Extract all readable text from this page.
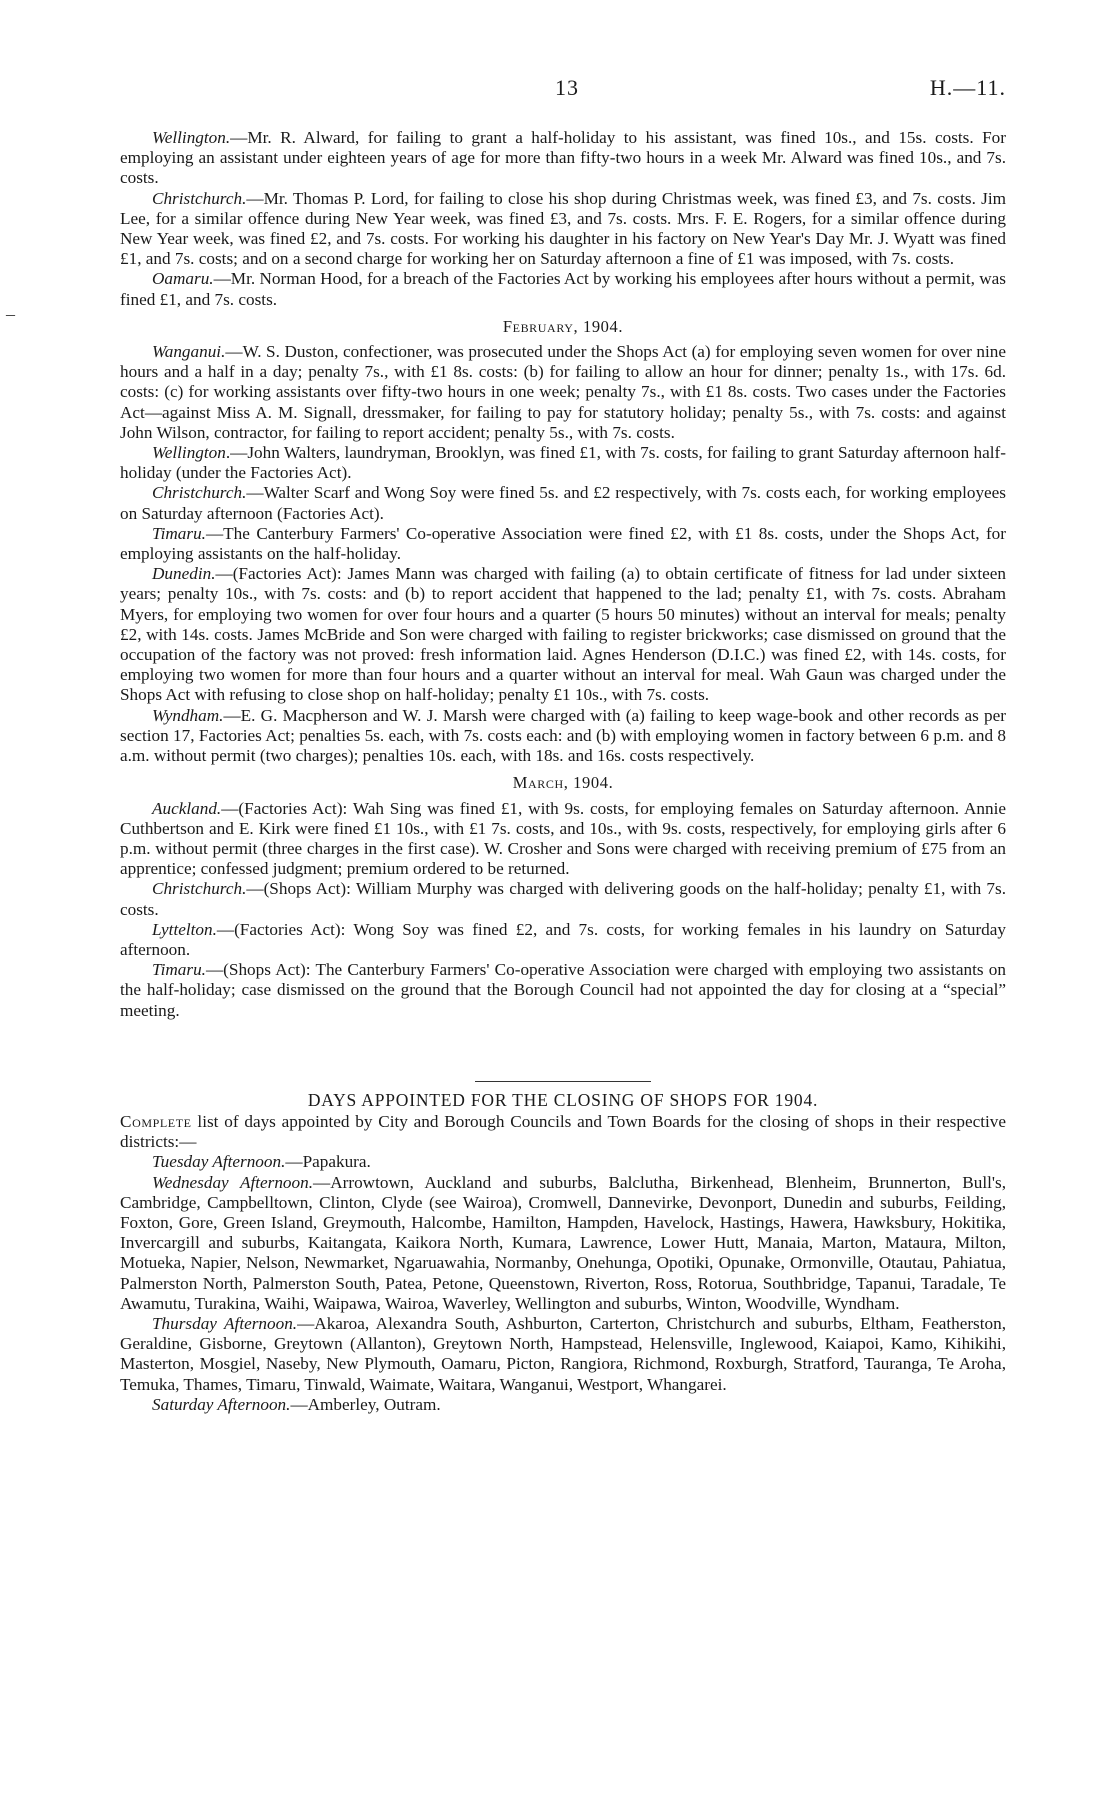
–
13	H.—11.

Wellington.—Mr. R. Alward, for failing to grant a half-holiday to his assistant, was fined 10s., and 15s. costs. For employing an assistant under eighteen years of age for more than fifty-two hours in a week Mr. Alward was fined 10s., and 7s. costs.

Christchurch.—Mr. Thomas P. Lord, for failing to close his shop during Christmas week, was fined £3, and 7s. costs. Jim Lee, for a similar offence during New Year week, was fined £3, and 7s. costs. Mrs. F. E. Rogers, for a similar offence during New Year week, was fined £2, and 7s. costs. For working his daughter in his factory on New Year's Day Mr. J. Wyatt was fined £1, and 7s. costs; and on a second charge for working her on Saturday afternoon a fine of £1 was imposed, with 7s. costs.

Oamaru.—Mr. Norman Hood, for a breach of the Factories Act by working his employees after hours without a permit, was fined £1, and 7s. costs.

February, 1904.

Wanganui.—W. S. Duston, confectioner, was prosecuted under the Shops Act (a) for employing seven women for over nine hours and a half in a day; penalty 7s., with £1 8s. costs: (b) for failing to allow an hour for dinner; penalty 1s., with 17s. 6d. costs: (c) for working assistants over fifty-two hours in one week; penalty 7s., with £1 8s. costs. Two cases under the Factories Act—against Miss A. M. Signall, dressmaker, for failing to pay for statutory holiday; penalty 5s., with 7s. costs: and against John Wilson, contractor, for failing to report accident; penalty 5s., with 7s. costs.

Wellington.—John Walters, laundryman, Brooklyn, was fined £1, with 7s. costs, for failing to grant Saturday afternoon half-holiday (under the Factories Act).

Christchurch.—Walter Scarf and Wong Soy were fined 5s. and £2 respectively, with 7s. costs each, for working employees on Saturday afternoon (Factories Act).

Timaru.—The Canterbury Farmers' Co-operative Association were fined £2, with £1 8s. costs, under the Shops Act, for employing assistants on the half-holiday.

Dunedin.—(Factories Act): James Mann was charged with failing (a) to obtain certificate of fitness for lad under sixteen years; penalty 10s., with 7s. costs: and (b) to report accident that happened to the lad; penalty £1, with 7s. costs. Abraham Myers, for employing two women for over four hours and a quarter (5 hours 50 minutes) without an interval for meals; penalty £2, with 14s. costs. James McBride and Son were charged with failing to register brickworks; case dismissed on ground that the occupation of the factory was not proved: fresh information laid. Agnes Henderson (D.I.C.) was fined £2, with 14s. costs, for employing two women for more than four hours and a quarter without an interval for meal. Wah Gaun was charged under the Shops Act with refusing to close shop on half-holiday; penalty £1 10s., with 7s. costs.

Wyndham.—E. G. Macpherson and W. J. Marsh were charged with (a) failing to keep wage-book and other records as per section 17, Factories Act; penalties 5s. each, with 7s. costs each: and (b) with employing women in factory between 6 p.m. and 8 a.m. without permit (two charges); penalties 10s. each, with 18s. and 16s. costs respectively.

March, 1904.

Auckland.—(Factories Act): Wah Sing was fined £1, with 9s. costs, for employing females on Saturday afternoon. Annie Cuthbertson and E. Kirk were fined £1 10s., with £1 7s. costs, and 10s., with 9s. costs, respectively, for employing girls after 6 p.m. without permit (three charges in the first case). W. Crosher and Sons were charged with receiving premium of £75 from an apprentice; confessed judgment; premium ordered to be returned.

Christchurch.—(Shops Act): William Murphy was charged with delivering goods on the half-holiday; penalty £1, with 7s. costs.

Lyttelton.—(Factories Act): Wong Soy was fined £2, and 7s. costs, for working females in his laundry on Saturday afternoon.

Timaru.—(Shops Act): The Canterbury Farmers' Co-operative Association were charged with employing two assistants on the half-holiday; case dismissed on the ground that the Borough Council had not appointed the day for closing at a “special” meeting.

DAYS APPOINTED FOR THE CLOSING OF SHOPS FOR 1904.

Complete list of days appointed by City and Borough Councils and Town Boards for the closing of shops in their respective districts:—

Tuesday Afternoon.—Papakura.

Wednesday Afternoon.—Arrowtown, Auckland and suburbs, Balclutha, Birkenhead, Blenheim, Brunnerton, Bull's, Cambridge, Campbelltown, Clinton, Clyde (see Wairoa), Cromwell, Dannevirke, Devonport, Dunedin and suburbs, Feilding, Foxton, Gore, Green Island, Greymouth, Halcombe, Hamilton, Hampden, Havelock, Hastings, Hawera, Hawksbury, Hokitika, Invercargill and suburbs, Kaitangata, Kaikora North, Kumara, Lawrence, Lower Hutt, Manaia, Marton, Mataura, Milton, Motueka, Napier, Nelson, Newmarket, Ngaruawahia, Normanby, Onehunga, Opotiki, Opunake, Ormonville, Otautau, Pahiatua, Palmerston North, Palmerston South, Patea, Petone, Queenstown, Riverton, Ross, Rotorua, Southbridge, Tapanui, Taradale, Te Awamutu, Turakina, Waihi, Waipawa, Wairoa, Waverley, Wellington and suburbs, Winton, Woodville, Wyndham.

Thursday Afternoon.—Akaroa, Alexandra South, Ashburton, Carterton, Christchurch and suburbs, Eltham, Featherston, Geraldine, Gisborne, Greytown (Allanton), Greytown North, Hampstead, Helensville, Inglewood, Kaiapoi, Kamo, Kihikihi, Masterton, Mosgiel, Naseby, New Plymouth, Oamaru, Picton, Rangiora, Richmond, Roxburgh, Stratford, Tauranga, Te Aroha, Temuka, Thames, Timaru, Tinwald, Waimate, Waitara, Wanganui, Westport, Whangarei.

Saturday Afternoon.—Amberley, Outram.
